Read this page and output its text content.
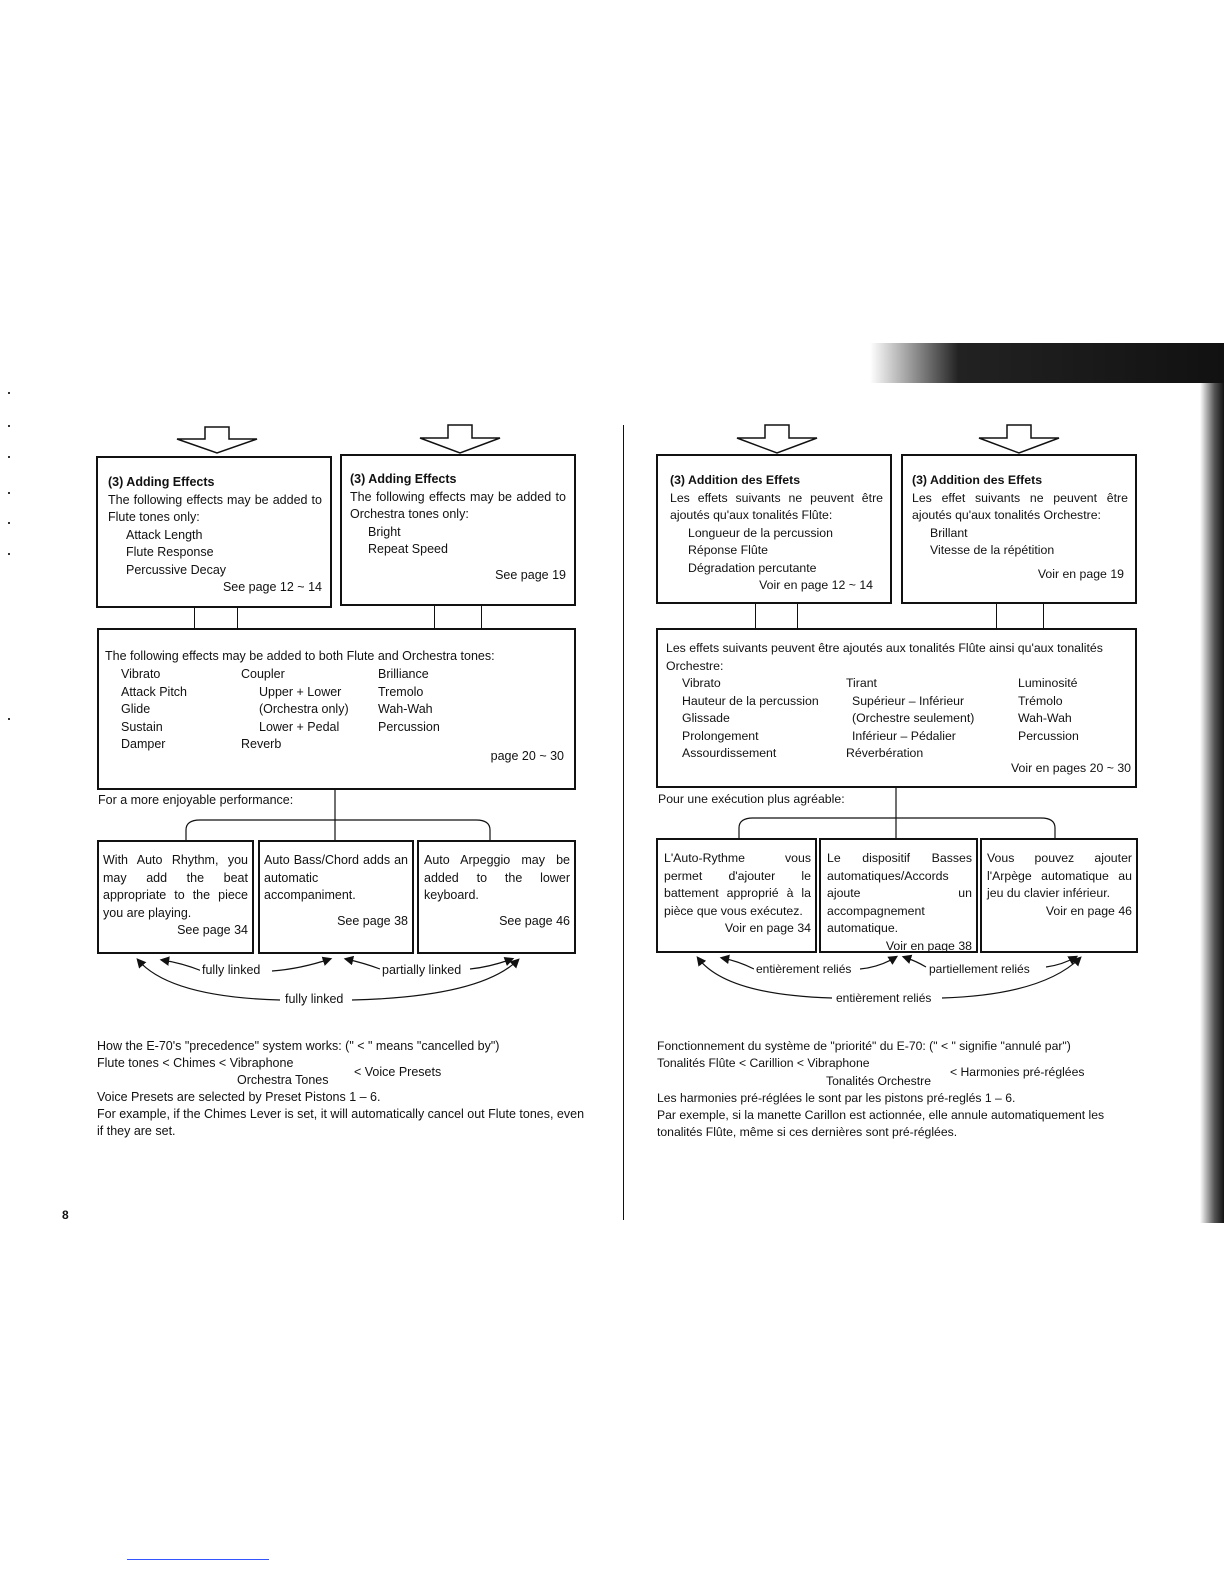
(3) Adding Effects
The following effects may be added to Flute tones only:
Attack Length
Flute Response
Percussive Decay
See page 12 ~ 14
(3) Adding Effects
The following effects may be added to Orchestra tones only:
Bright
Repeat Speed
See page 19
The following effects may be added to both Flute and Orchestra tones:
Vibrato
Attack Pitch
Glide
Sustain
Damper
Coupler
Upper + Lower
(Orchestra only)
Lower + Pedal
Reverb
Brilliance
Tremolo
Wah-Wah
Percussion
page 20 ~ 30
For a more enjoyable performance:
With Auto Rhythm, you may add the beat appropriate to the piece you are playing.
See page 34
Auto Bass/Chord adds an automatic accompaniment.
See page 38
Auto Arpeggio may be added to the lower keyboard.
See page 46
fully linked	partially linked
fully linked
How the E-70's "precedence" system works: (" < " means "cancelled by")
Flute tones < Chimes < Vibraphone
Orchestra Tones
< Voice Presets
Voice Presets are selected by Preset Pistons 1 – 6.
For example, if the Chimes Lever is set, it will automatically cancel out Flute tones, even if they are set.
8
(3) Addition des Effets
Les effets suivants ne peuvent être ajoutés qu'aux tonalités Flûte:
Longueur de la percussion
Réponse Flûte
Dégradation percutante
Voir en page 12 ~ 14
(3) Addition des Effets
Les effet suivants ne peuvent être ajoutés qu'aux tonalités Orchestre:
Brillant
Vitesse de la répétition
Voir en page 19
Les effets suivants peuvent être ajoutés aux tonalités Flûte ainsi qu'aux tonalités Orchestre:
Vibrato
Hauteur de la percussion
Glissade
Prolongement
Assourdissement
Tirant
Supérieur – Inférieur
(Orchestre seulement)
Inférieur – Pédalier
Réverbération
Luminosité
Trémolo
Wah-Wah
Percussion
Voir en pages 20 ~ 30
Pour une exécution plus agréable:
L'Auto-Rythme vous permet d'ajouter le battement approprié à la pièce que vous exécutez.
Voir en page 34
Le dispositif Basses automatiques/Accords ajoute un accompagnement automatique.
Voir en page 38
Vous pouvez ajouter l'Arpège automatique au jeu du clavier inférieur.
Voir en page 46
entièrement reliés	partiellement reliés
entièrement reliés
Fonctionnement du système de "priorité" du E-70: (" < " signifie "annulé par")
Tonalités Flûte < Carillion < Vibraphone
Tonalités Orchestre
< Harmonies pré-réglées
Les harmonies pré-réglées le sont par les pistons pré-reglés 1 – 6.
Par exemple, si la manette Carillon est actionnée, elle annule automatiquement les tonalités Flûte, même si ces dernières sont pré-réglées.
